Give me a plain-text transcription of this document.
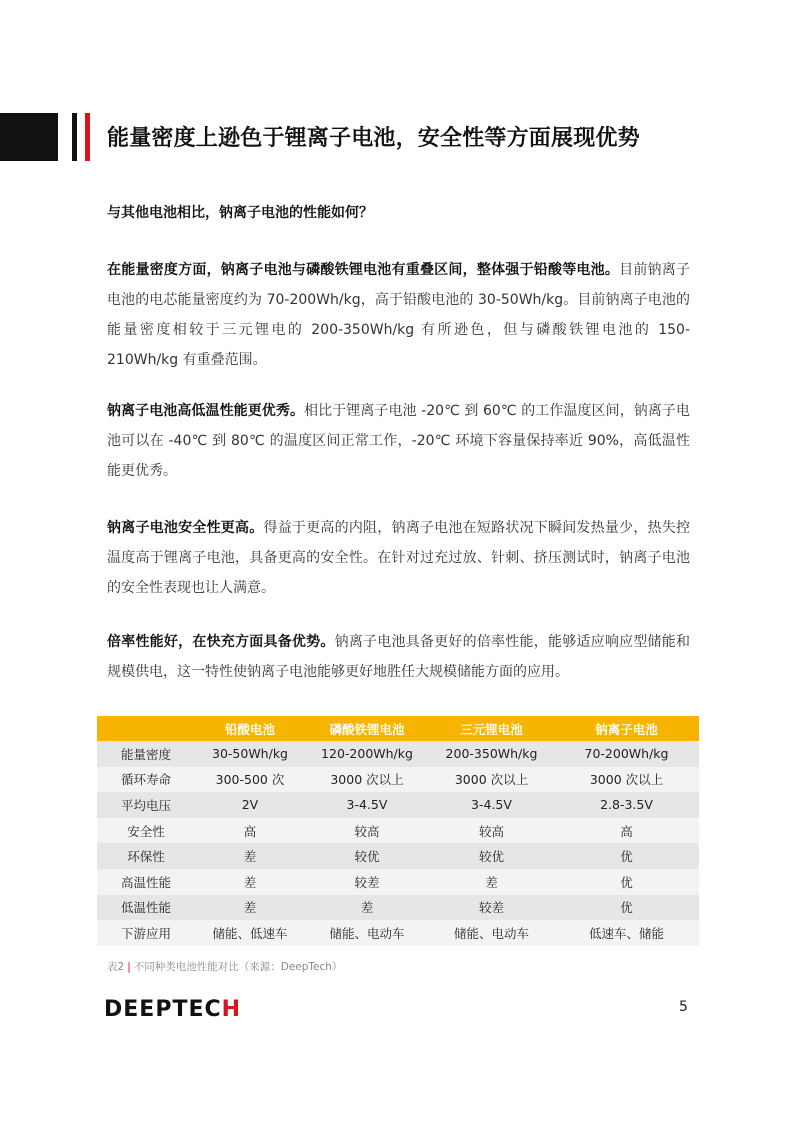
能量密度上逊色于锂离子电池，安全性等方面展现优势
与其他电池相比，钠离子电池的性能如何？

在能量密度方面，钠离子电池与磷酸铁锂电池有重叠区间，整体强于铅酸等电池。目前钠离子电池的电芯能量密度约为 70-200Wh/kg，高于铅酸电池的 30-50Wh/kg。目前钠离子电池的能量密度相较于三元锂电的 200-350Wh/kg 有所逊色，但与磷酸铁锂电池的 150-210Wh/kg 有重叠范围。

钠离子电池高低温性能更优秀。相比于锂离子电池 -20℃ 到 60℃ 的工作温度区间，钠离子电池可以在 -40℃ 到 80℃ 的温度区间正常工作，-20℃ 环境下容量保持率近 90%，高低温性能更优秀。

钠离子电池安全性更高。得益于更高的内阻，钠离子电池在短路状况下瞬间发热量少，热失控温度高于锂离子电池，具备更高的安全性。在针对过充过放、针刺、挤压测试时，钠离子电池的安全性表现也让人满意。

倍率性能好，在快充方面具备优势。钠离子电池具备更好的倍率性能，能够适应响应型储能和规模供电，这一特性使钠离子电池能够更好地胜任大规模储能方面的应用。

	铅酸电池	磷酸铁锂电池	三元锂电池	钠离子电池
能量密度	30-50Wh/kg	120-200Wh/kg	200-350Wh/kg	70-200Wh/kg
循环寿命	300-500 次	3000 次以上	3000 次以上	3000 次以上
平均电压	2V	3-4.5V	3-4.5V	2.8-3.5V
安全性	高	较高	较高	高
环保性	差	较优	较优	优
高温性能	差	较差	差	优
低温性能	差	差	较差	优
下游应用	储能、低速车	储能、电动车	储能、电动车	低速车、储能
表2 | 不同种类电池性能对比（来源：DeepTech）
DEEPTECH	5
